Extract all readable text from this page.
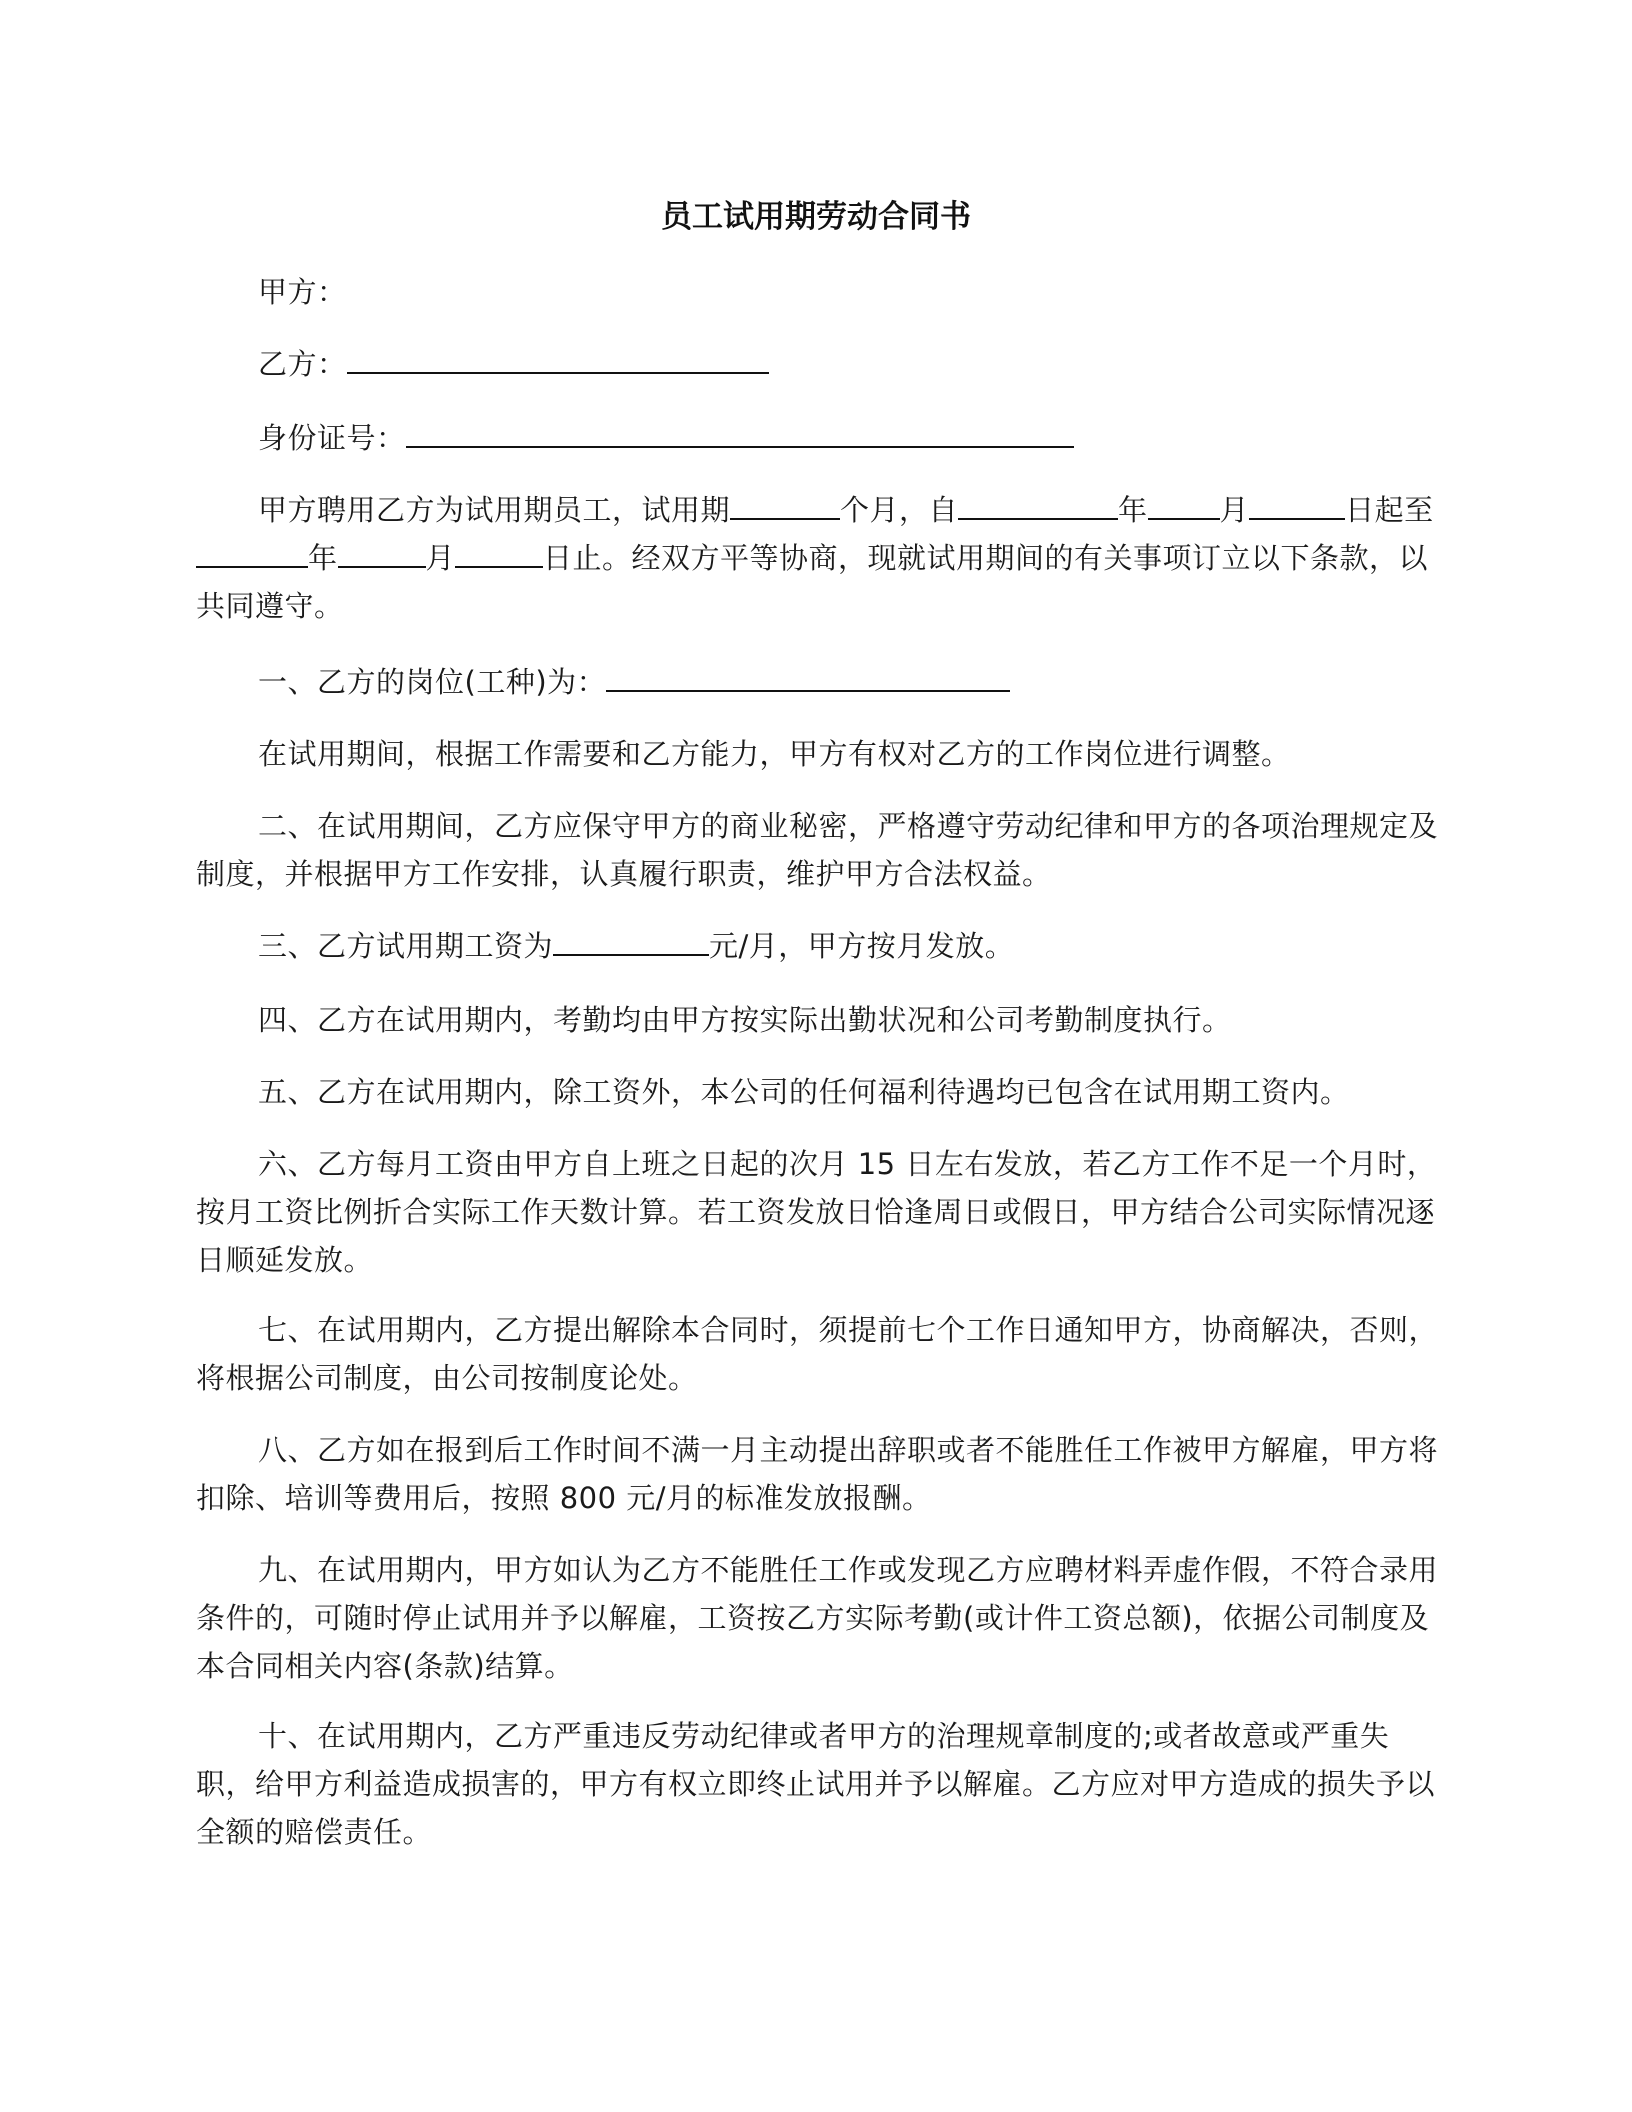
员工试用期劳动合同书

甲方：

乙方：

身份证号：

甲方聘用乙方为试用期员工，试用期	个月，自	年 月	日起至年	月	日止。经双方平等协商，现就试用期间的有关事项订立以下条款，以共同遵守。

一、乙方的岗位(工种)为：

在试用期间，根据工作需要和乙方能力，甲方有权对乙方的工作岗位进行调整。

二、在试用期间，乙方应保守甲方的商业秘密，严格遵守劳动纪律和甲方的各项治理规定及制度，并根据甲方工作安排，认真履行职责，维护甲方合法权益。

三、乙方试用期工资为	元/月，甲方按月发放。

四、乙方在试用期内，考勤均由甲方按实际出勤状况和公司考勤制度执行。

五、乙方在试用期内，除工资外，本公司的任何福利待遇均已包含在试用期工资内。

六、乙方每月工资由甲方自上班之日起的次月 15 日左右发放，若乙方工作不足一个月时，按月工资比例折合实际工作天数计算。若工资发放日恰逢周日或假日，甲方结合公司实际情况逐日顺延发放。

七、在试用期内，乙方提出解除本合同时，须提前七个工作日通知甲方，协商解决，否则，将根据公司制度，由公司按制度论处。

八、乙方如在报到后工作时间不满一月主动提出辞职或者不能胜任工作被甲方解雇，甲方将扣除、培训等费用后，按照 800 元/月的标准发放报酬。

九、在试用期内，甲方如认为乙方不能胜任工作或发现乙方应聘材料弄虚作假，不符合录用条件的，可随时停止试用并予以解雇，工资按乙方实际考勤(或计件工资总额)，依据公司制度及本合同相关内容(条款)结算。

十、在试用期内，乙方严重违反劳动纪律或者甲方的治理规章制度的;或者故意或严重失职，给甲方利益造成损害的，甲方有权立即终止试用并予以解雇。乙方应对甲方造成的损失予以全额的赔偿责任。
